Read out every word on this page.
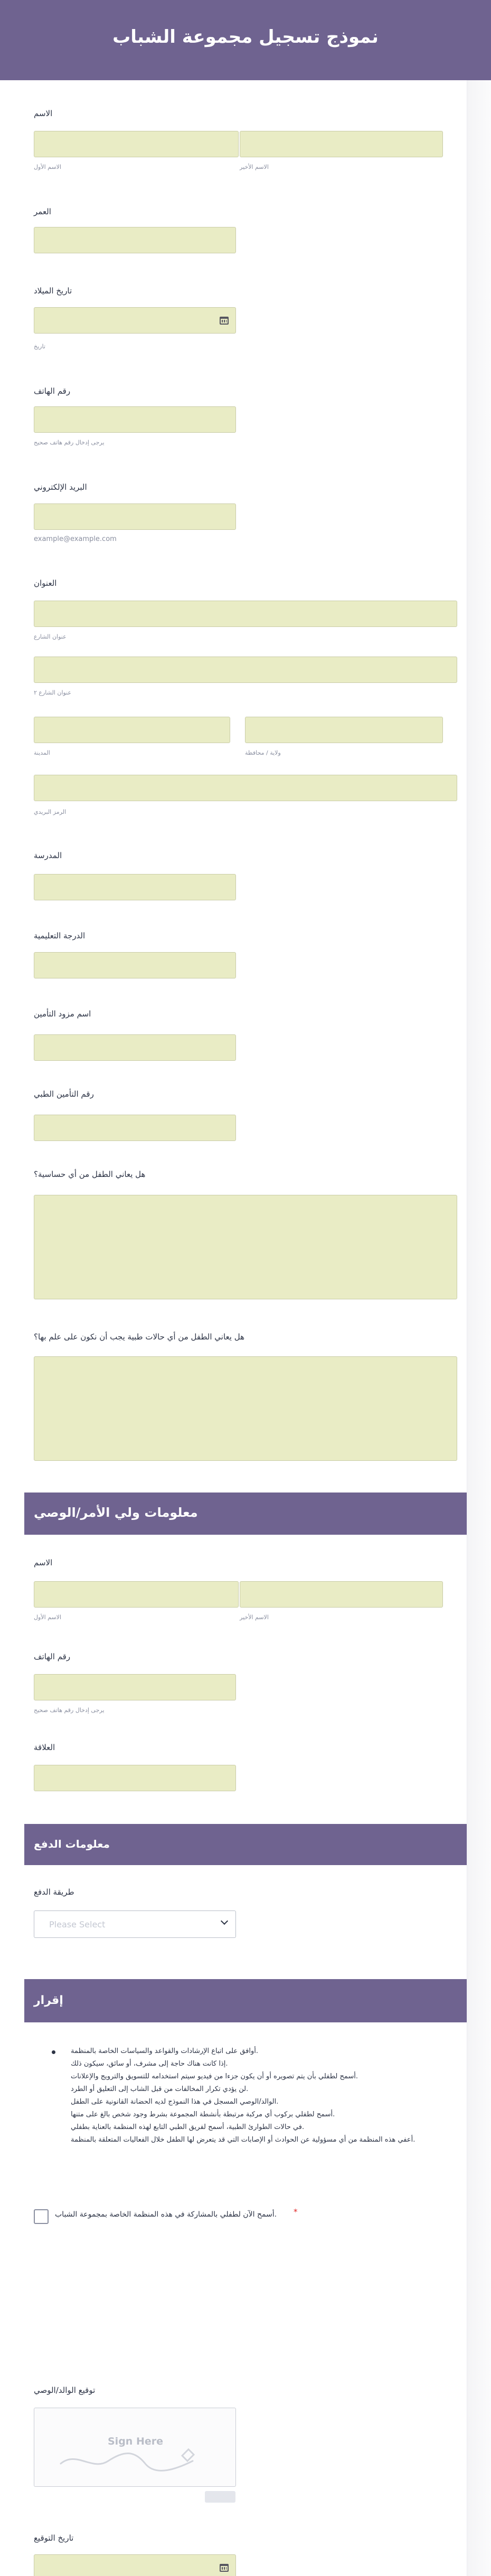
نموذج تسجيل مجموعة الشباب
الاسم
الاسم الأول	الاسم الأخير
العمر
تاريخ الميلاد
تاريخ
رقم الهاتف
يرجى إدخال رقم هاتف صحيح
البريد الإلكتروني
example@example.com
العنوان
عنوان الشارع
عنوان الشارع ٢
المدينة	ولاية / محافظة
الرمز البريدي
المدرسة
الدرجة التعليمية
اسم مزود التأمين
رقم التأمين الطبي
هل يعاني الطفل من أي حساسية؟
هل يعاني الطفل من أي حالات طبية يجب أن نكون على علم بها؟
معلومات ولي الأمر/الوصي
الاسم
الاسم الأول	الاسم الأخير
رقم الهاتف
يرجى إدخال رقم هاتف صحيح
العلاقة
معلومات الدفع
طريقة الدفع
Please Select
إقرار
أوافق على اتباع الإرشادات والقواعد والسياسات الخاصة بالمنظمة.
إذا كانت هناك حاجة إلى مشرف، أو سائق، سيكون ذلك.
أسمح لطفلي بأن يتم تصويره أو أن يكون جزءا من فيديو سيتم استخدامه للتسويق والترويج والإعلانات.
لن يؤدي تكرار المخالفات من قبل الشاب إلى التعليق أو الطرد.
الوالد/الوصي المسجل في هذا النموذج لديه الحضانة القانونية على الطفل.
أسمح لطفلي بركوب أي مركبة مرتبطة بأنشطة المجموعة بشرط وجود شخص بالغ على متنها.
في حالات الطوارئ الطبية، أسمح لفريق الطبي التابع لهذه المنظمة بالعناية بطفلي.
أعفي هذه المنظمة من أي مسؤولية عن الحوادث أو الإصابات التي قد يتعرض لها الطفل خلال الفعاليات المتعلقة بالمنظمة.
أسمح الآن لطفلي بالمشاركة في هذه المنظمة الخاصة بمجموعة الشباب. *
توقيع الوالد/الوصي
Sign Here
تاريخ التوقيع
